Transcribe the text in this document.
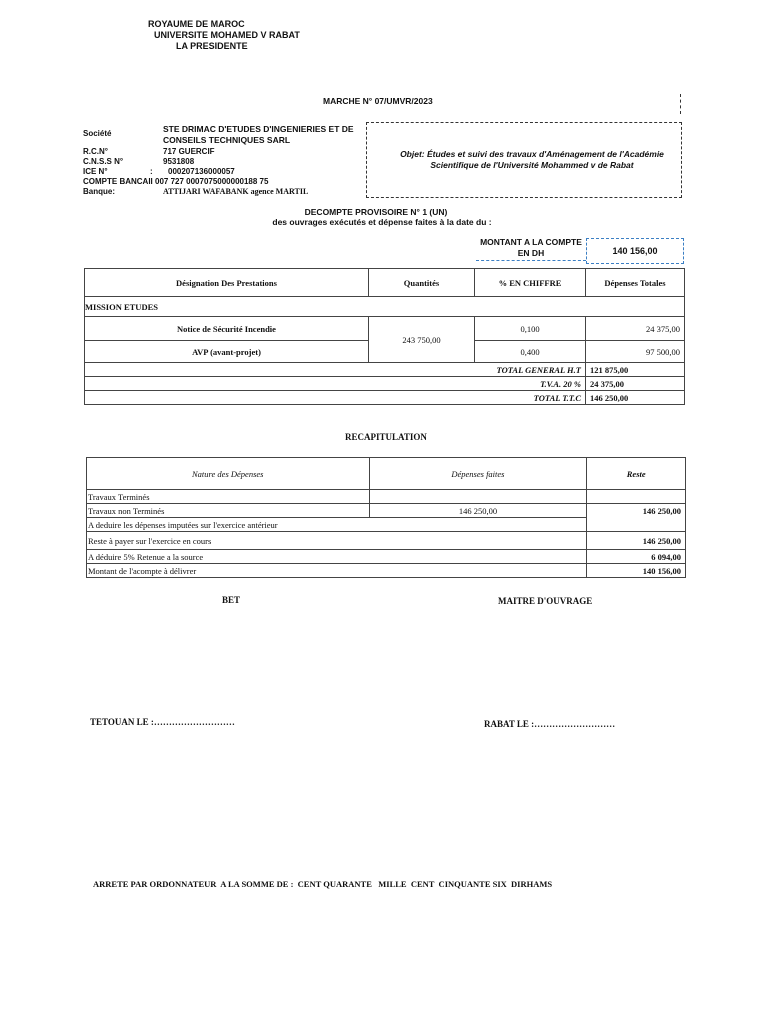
ROYAUME DE MAROC
UNIVERSITE MOHAMED V RABAT
LA PRESIDENTE
MARCHE N° 07/UMVR/2023
Société	STE DRIMAC D'ETUDES D'INGENIERIES ET DE
CONSEILS TECHNIQUES SARL
R.C.N°	717 GUERCIF
C.N.S.S N°	9531808
ICE N°	: 000207136000057
COMPTE BANCAII 007 727 0007075000000188 75
Banque:	ATTIJARI WAFABANK agence MARTIL
Objet: Études et suivi des travaux d'Aménagement de l'Académie
Scientifique de l'Université Mohammed v de Rabat
DECOMPTE PROVISOIRE N° 1 (UN)
des ouvrages exécutés et dépense faites à la date du :
MONTANT A LA COMPTE
EN DH	140 156,00
Désignation Des Prestations	Quantités	% EN CHIFFRE	Dépenses Totales
MISSION ETUDES			
Notice de Sécurité Incendie	243 750,00	0,100	24 375,00
AVP (avant-projet)		0,400	97 500,00
TOTAL GENERAL H.T			121 875,00
T.V.A. 20 %			24 375,00
TOTAL T.T.C			146 250,00
RECAPITULATION
Nature des Dépenses	Dépenses faites	Reste
Travaux Terminés		
Travaux non Terminés	146 250,00	146 250,00
A deduire les dépenses imputées sur l'exercice antérieur		
Reste à payer sur l'exercice en cours		146 250,00
A déduire 5% Retenue a la source		6 094,00
Montant de l'acompte à délivrer		140 156,00
BET	MAITRE D'OUVRAGE
TETOUAN LE :………………………	RABAT LE :………………………
ARRETE PAR ORDONNATEUR  A LA SOMME DE :  CENT QUARANTE   MILLE  CENT  CINQUANTE SIX  DIRHAMS
